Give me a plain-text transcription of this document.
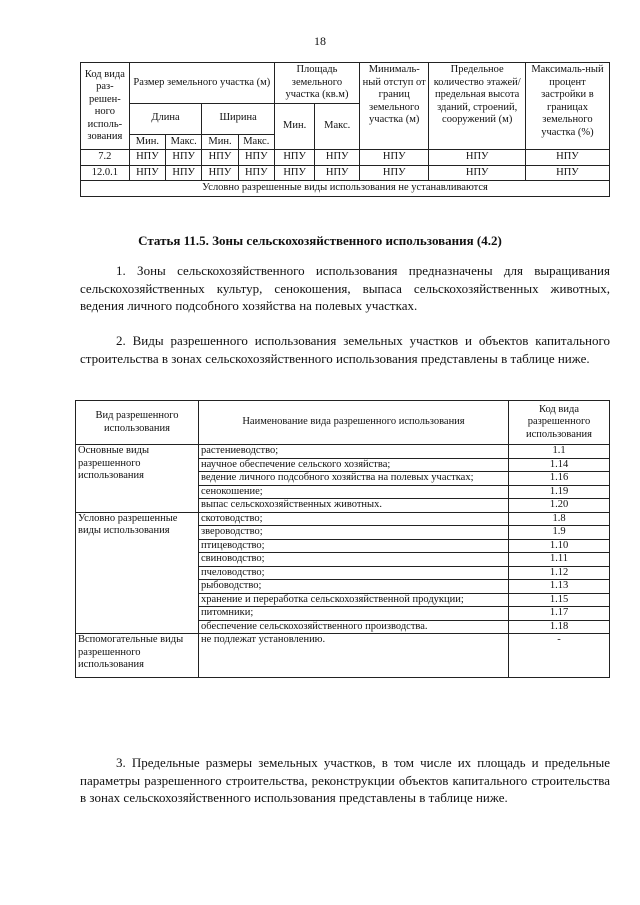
18
Код вида раз-решен-ного исполь-зования	Размер земельного участка (м)				Площадь земельного участка (кв.м)		Минималь-ный отступ от границ земельного участка (м)	Предельное количество этажей/ предельная высота зданий, строений, сооружений (м)	Максималь-ный процент застройки в границах земельного участка (%)
	Длина		Ширина		Мин.	Макс.			
	Мин.	Макс.	Мин.	Макс.					
7.2	НПУ	НПУ	НПУ	НПУ	НПУ	НПУ	НПУ	НПУ	НПУ
12.0.1	НПУ	НПУ	НПУ	НПУ	НПУ	НПУ	НПУ	НПУ	НПУ
Условно разрешенные виды использования не устанавливаются									
Статья 11.5. Зоны сельскохозяйственного использования (4.2)

1. Зоны сельскохозяйственного использования предназначены для выращивания сельскохозяйственных культур, сенокошения, выпаса сельскохозяйственных животных, ведения личного подсобного хозяйства на полевых участках.

2. Виды разрешенного использования земельных участков и объектов капитального строительства в зонах сельскохозяйственного использования представлены в таблице ниже.

Вид разрешенного использования	Наименование вида разрешенного использования	Код вида разрешенного использования
Основные виды разрешенного использования	растениеводство;	1.1
	научное обеспечение сельского хозяйства;	1.14
	ведение личного подсобного хозяйства на полевых участках;	1.16
	сенокошение;	1.19
	выпас сельскохозяйственных животных.	1.20
Условно разрешенные виды использования	скотоводство;	1.8
	звероводство;	1.9
	птицеводство;	1.10
	свиноводство;	1.11
	пчеловодство;	1.12
	рыбоводство;	1.13
	хранение и переработка сельскохозяйственной продукции;	1.15
	питомники;	1.17
	обеспечение сельскохозяйственного производства.	1.18
Вспомогательные виды разрешенного использования	не подлежат установлению.	-

3. Предельные размеры земельных участков, в том числе их площадь и предельные параметры разрешенного строительства, реконструкции объектов капитального строительства в зонах сельскохозяйственного использования представлены в таблице ниже.
